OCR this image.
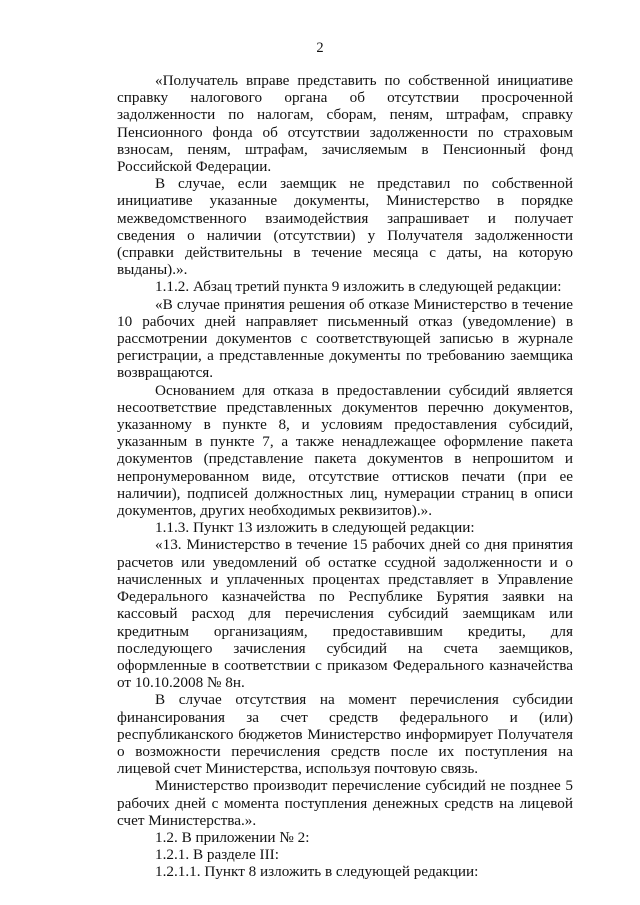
2

«Получатель вправе представить по собственной инициативе справку налогового органа об отсутствии просроченной задолженности по налогам, сборам, пеням, штрафам, справку Пенсионного фонда об отсутствии задолженности по страховым взносам, пеням, штрафам, зачисляемым в Пенсионный фонд Российской Федерации.

В случае, если заемщик не представил по собственной инициативе указанные документы, Министерство в порядке межведомственного взаимодействия запрашивает и получает сведения о наличии (отсутствии) у Получателя задолженности (справки действительны в течение месяца с даты, на которую выданы).».

1.1.2. Абзац третий пункта 9 изложить в следующей редакции:

«В случае принятия решения об отказе Министерство в течение 10 рабочих дней направляет письменный отказ (уведомление) в рассмотрении документов с соответствующей записью в журнале регистрации, а представленные документы по требованию заемщика возвращаются.

Основанием для отказа в предоставлении субсидий является несоответствие представленных документов перечню документов, указанному в пункте 8, и условиям предоставления субсидий, указанным в пункте 7, а также ненадлежащее оформление пакета документов (представление пакета документов в непрошитом и непронумерованном виде, отсутствие оттисков печати (при ее наличии), подписей должностных лиц, нумерации страниц в описи документов, других необходимых реквизитов).».

1.1.3. Пункт 13 изложить в следующей редакции:

«13. Министерство в течение 15 рабочих дней со дня принятия расчетов или уведомлений об остатке ссудной задолженности и о начисленных и уплаченных процентах представляет в Управление Федерального казначейства по Республике Бурятия заявки на кассовый расход для перечисления субсидий заемщикам или кредитным организациям, предоставившим кредиты, для последующего зачисления субсидий на счета заемщиков, оформленные в соответствии с приказом Федерального казначейства от 10.10.2008 № 8н.

В случае отсутствия на момент перечисления субсидии финансирования за счет средств федерального и (или) республиканского бюджетов Министерство информирует Получателя о возможности перечисления средств после их поступления на лицевой счет Министерства, используя почтовую связь.

Министерство производит перечисление субсидий не позднее 5 рабочих дней с момента поступления денежных средств на лицевой счет Министерства.».

1.2. В приложении № 2:

1.2.1. В разделе III:

1.2.1.1. Пункт 8 изложить в следующей редакции:
